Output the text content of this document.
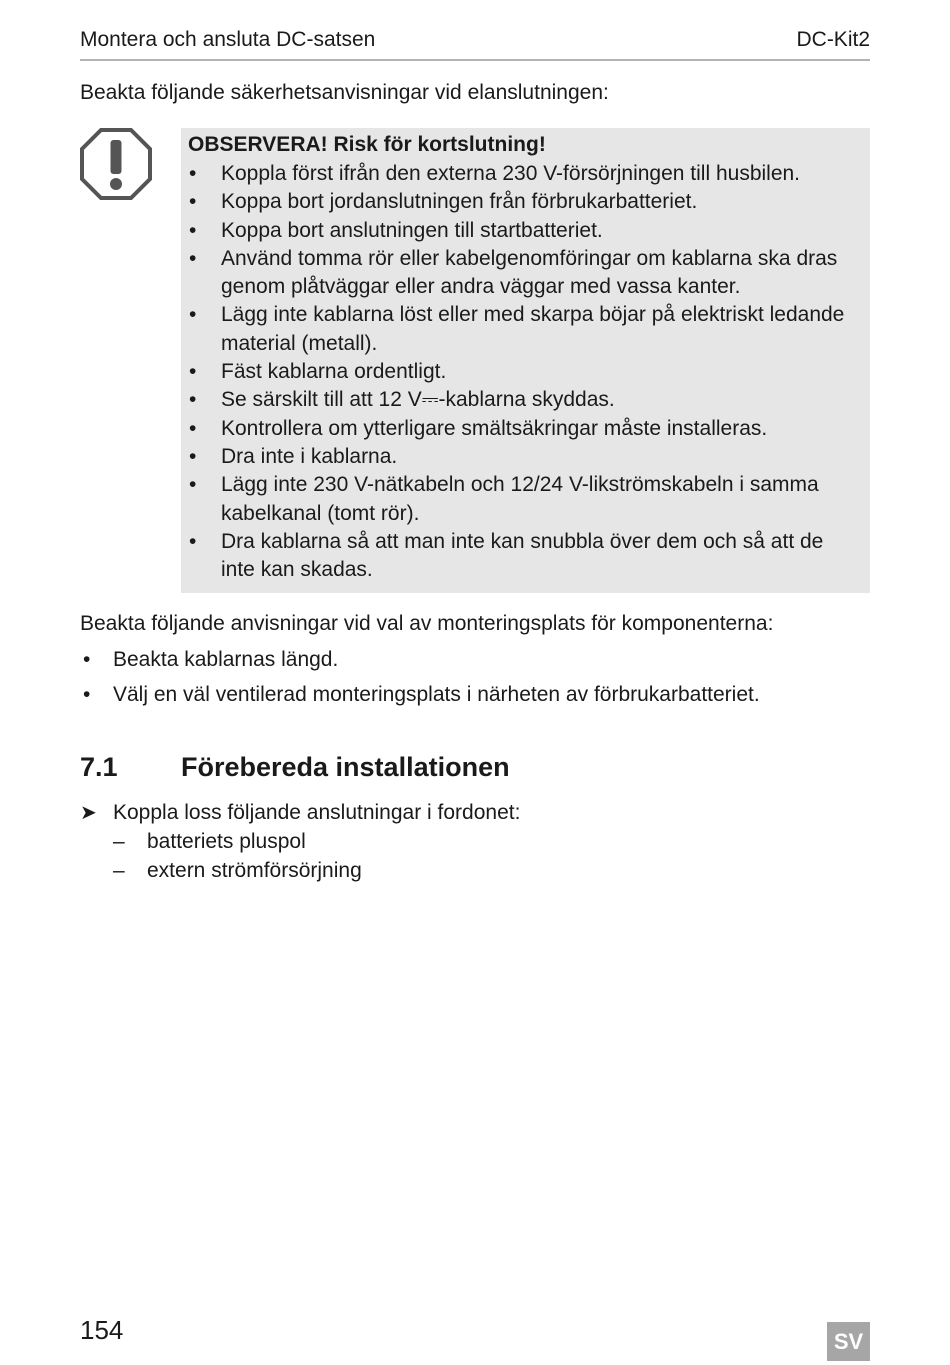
Montera och ansluta DC-satsen	DC-Kit2
Beakta följande säkerhetsanvisningar vid elanslutningen:
OBSERVERA! Risk för kortslutning!
• Koppla först ifrån den externa 230 V-försörjningen till husbilen.
• Koppa bort jordanslutningen från förbrukarbatteriet.
• Koppa bort anslutningen till startbatteriet.
• Använd tomma rör eller kabelgenomföringar om kablarna ska dras genom plåtväggar eller andra väggar med vassa kanter.
• Lägg inte kablarna löst eller med skarpa böjar på elektriskt ledande material (metall).
• Fäst kablarna ordentligt.
• Se särskilt till att 12 V⎓-kablarna skyddas.
• Kontrollera om ytterligare smältsäkringar måste installeras.
• Dra inte i kablarna.
• Lägg inte 230 V-nätkabeln och 12/24 V-likströmskabeln i samma kabelkanal (tomt rör).
• Dra kablarna så att man inte kan snubbla över dem och så att de inte kan skadas.
Beakta följande anvisningar vid val av monteringsplats för komponenterna:
• Beakta kablarnas längd.
• Välj en väl ventilerad monteringsplats i närheten av förbrukarbatteriet.
7.1 Förebereda installationen
➤ Koppla loss följande anslutningar i fordonet:
– batteriets pluspol
– extern strömförsörjning
154	SV
